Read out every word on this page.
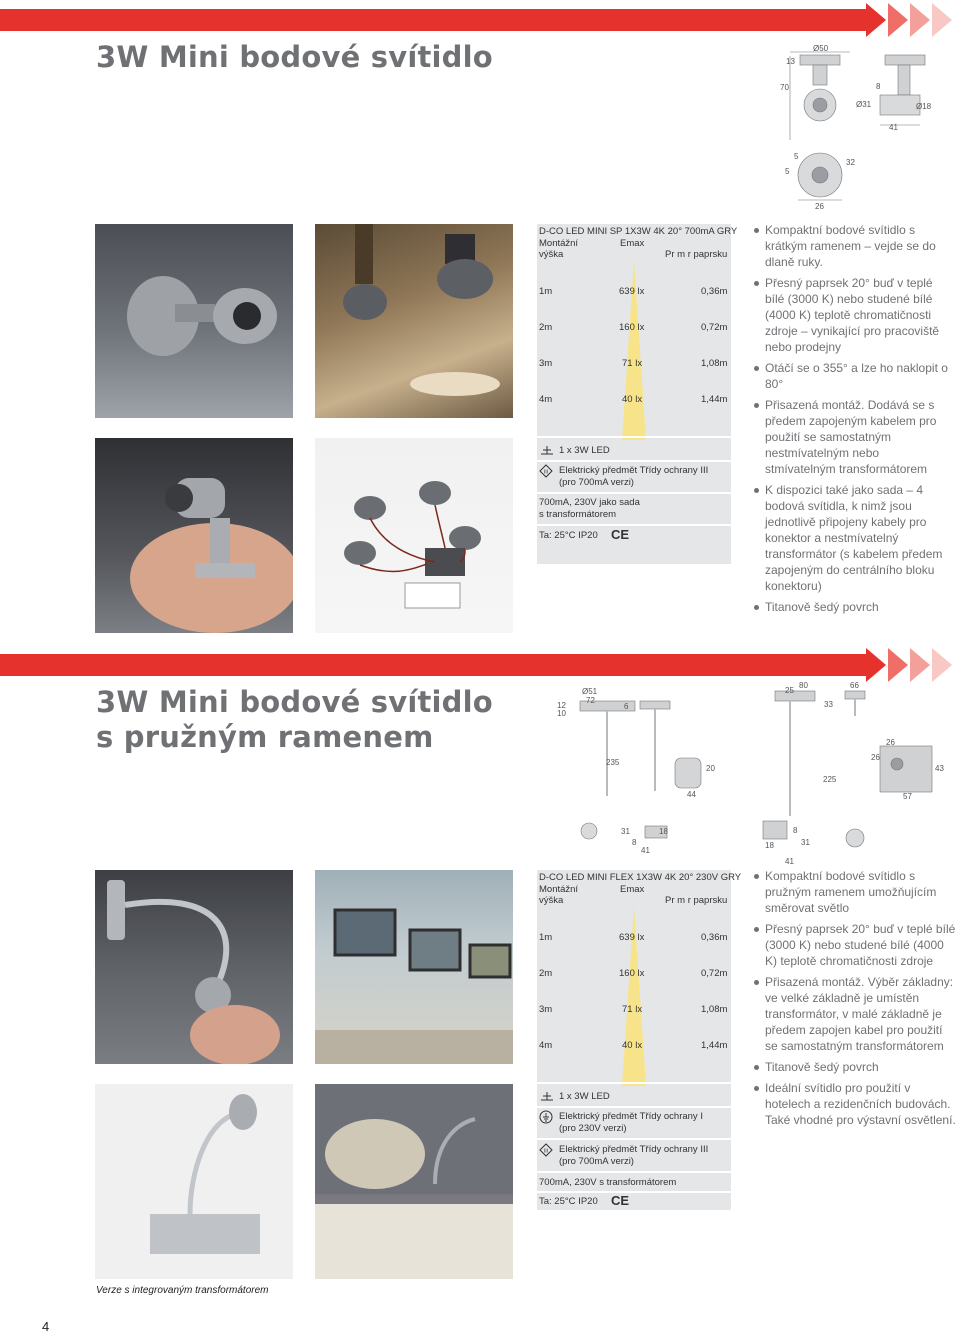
3W Mini bodové svítidlo	Ø50
13
70	8
Ø31	Ø18
41
5
32
5
26
D-CO LED MINI SP 1X3W 4K 20° 700mA GRY
Montážní
výška
Emax
Pr m r paprsku
1m	639 lx	0,36m
2m	160 lx	0,72m
3m	71 lx	1,08m
4m	40 lx	1,44m
1 x 3W LED
III Elektrický předmět Třídy ochrany III
(pro 700mA verzi)
700mA, 230V jako sada
s transformátorem
Ta: 25°C IP20 CE
Kompaktní bodové svítidlo s krátkým ramenem – vejde se do dlaně ruky.
Přesný paprsek 20° buď v teplé bílé (3000 K) nebo studené bílé (4000 K) teplotě chromatičnosti zdroje – vynikající pro pracoviště nebo prodejny
Otáčí se o 355° a lze ho naklopit o 80°
Přisazená montáž. Dodává se s předem zapojeným kabelem pro použití se samostatným nestmívatelným nebo stmívatelným transformátorem
K dispozici také jako sada – 4 bodová svítidla, k nimž jsou jednotlivě připojeny kabely pro konektor a nestmívatelný transformátor (s kabelem předem zapojeným do centrálního bloku konektoru)
Titanově šedý povrch
3W Mini bodové svítidlo
s pružným ramenem
Ø51
12
72
10
6
235
20
44
31	18
8
41
80
25
66
33
26
26
43
225
57
8
18	31
41
D-CO LED MINI FLEX 1X3W 4K 20° 230V GRY
Montážní
výška
Emax
Pr m r paprsku
1m	639 lx	0,36m
2m	160 lx	0,72m
3m	71 lx	1,08m
4m	40 lx	1,44m
1 x 3W LED
Elektrický předmět Třídy ochrany I
(pro 230V verzi)
III Elektrický předmět Třídy ochrany III
(pro 700mA verzi)
700mA, 230V s transformátorem
Ta: 25°C IP20 CE
Kompaktní bodové svítidlo s pružným ramenem umožňujícím směrovat světlo
Přesný paprsek 20° buď v teplé bílé (3000 K) nebo studené bílé (4000 K) teplotě chromatičnosti zdroje
Přisazená montáž. Výběr základny: ve velké základně je umístěn transformátor, v malé základně je předem zapojen kabel pro použití se samostatným transformátorem
Titanově šedý povrch
Ideální svítidlo pro použití v hotelech a rezidenčních budovách. Také vhodné pro výstavní osvětlení.
Verze s integrovaným transformátorem
4
